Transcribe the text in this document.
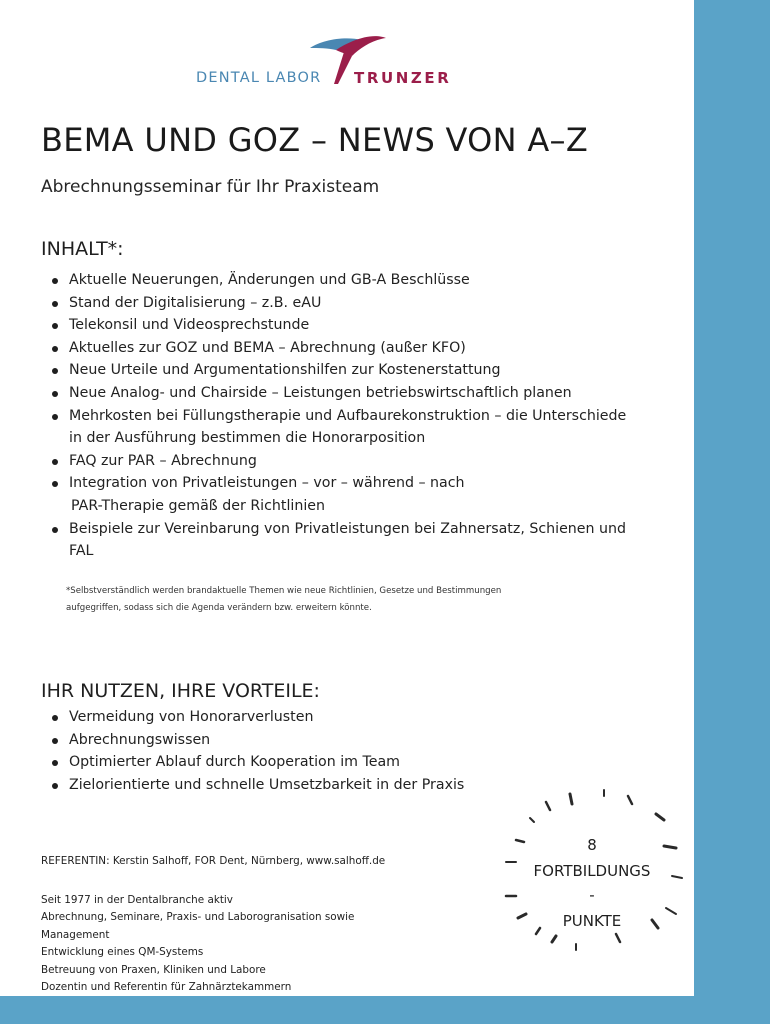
DENTAL LABOR TRUNZER
BEMA UND GOZ – NEWS VON A–Z
Abrechnungsseminar für Ihr Praxisteam
INHALT*:
Aktuelle Neuerungen, Änderungen und GB-A Beschlüsse
Stand der Digitalisierung – z.B. eAU
Telekonsil und Videosprechstunde
Aktuelles zur GOZ und BEMA – Abrechnung (außer KFO)
Neue Urteile und Argumentationshilfen zur Kostenerstattung
Neue Analog- und Chairside – Leistungen betriebswirtschaftlich planen
Mehrkosten bei Füllungstherapie und Aufbaurekonstruktion – die Unterschiede
in der Ausführung bestimmen die Honorarposition
FAQ zur PAR – Abrechnung
Integration von Privatleistungen – vor – während – nach
PAR-Therapie gemäß der Richtlinien
Beispiele zur Vereinbarung von Privatleistungen bei Zahnersatz, Schienen und
FAL
*Selbstverständlich werden brandaktuelle Themen wie neue Richtlinien, Gesetze und Bestimmungen
aufgegriffen, sodass sich die Agenda verändern bzw. erweitern könnte.
IHR NUTZEN, IHRE VORTEILE:
Vermeidung von Honorarverlusten
Abrechnungswissen
Optimierter Ablauf durch Kooperation im Team
Zielorientierte und schnelle Umsetzbarkeit in der Praxis
REFERENTIN: Kerstin Salhoff, FOR Dent, Nürnberg, www.salhoff.de
Seit 1977 in der Dentalbranche aktiv
Abrechnung, Seminare, Praxis- und Laborogranisation sowie
Management
Entwicklung eines QM-Systems
Betreuung von Praxen, Kliniken und Labore
Dozentin und Referentin für Zahnärztekammern
8
FORTBILDUNGS
-
PUNKTE
